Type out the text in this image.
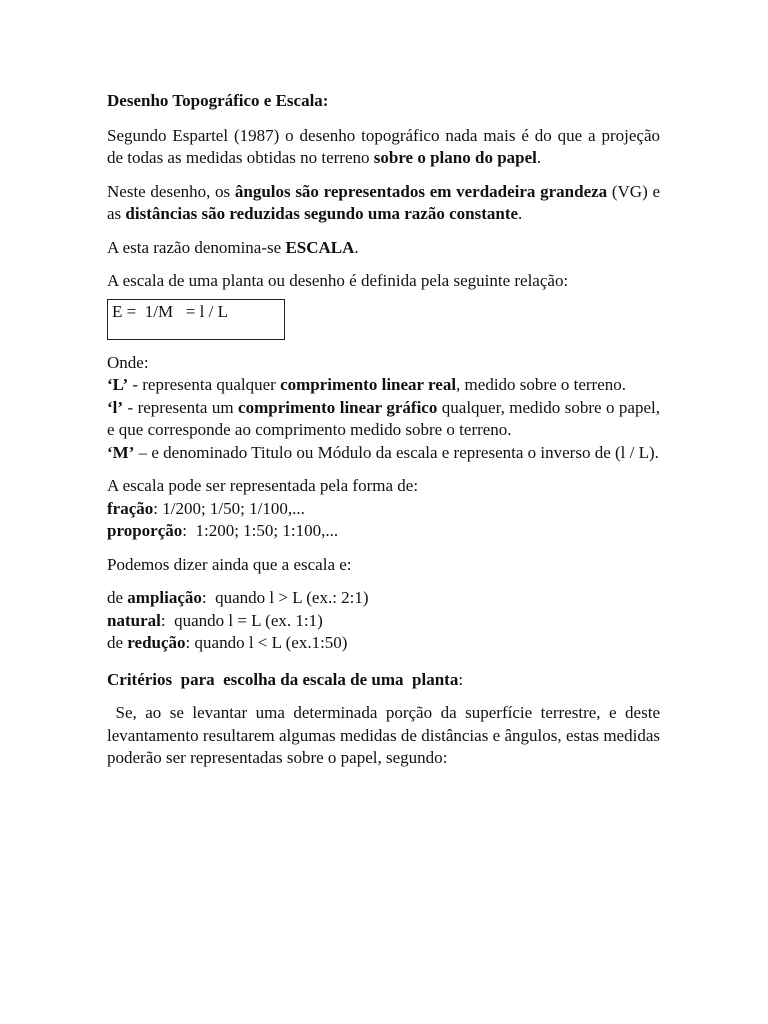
Desenho Topográfico e Escala:

Segundo Espartel (1987) o desenho topográfico nada mais é do que a projeção de todas as medidas obtidas no terreno sobre o plano do papel.

Neste desenho, os ângulos são representados em verdadeira grandeza (VG) e as distâncias são reduzidas segundo uma razão constante.

A esta razão denomina-se ESCALA.

A escala de uma planta ou desenho é definida pela seguinte relação:

E =  1/M   = l / L

Onde:

‘L’ - representa qualquer comprimento linear real, medido sobre o terreno.

‘l’ - representa um comprimento linear gráfico qualquer, medido sobre o papel, e que corresponde ao comprimento medido sobre o terreno.

‘M’ – e denominado Titulo ou Módulo da escala e representa o inverso de (l / L).

A escala pode ser representada pela forma de:

fração: 1/200; 1/50; 1/100,...

proporção:  1:200; 1:50; 1:100,...

Podemos dizer ainda que a escala e:

de ampliação:  quando l > L (ex.: 2:1)

natural:  quando l = L (ex. 1:1)

de redução: quando l < L (ex.1:50)

Critérios  para  escolha da escala de uma  planta:

Se, ao se levantar uma determinada porção da superfície terrestre, e deste levantamento resultarem algumas medidas de distâncias e ângulos, estas medidas poderão ser representadas sobre o papel, segundo:
